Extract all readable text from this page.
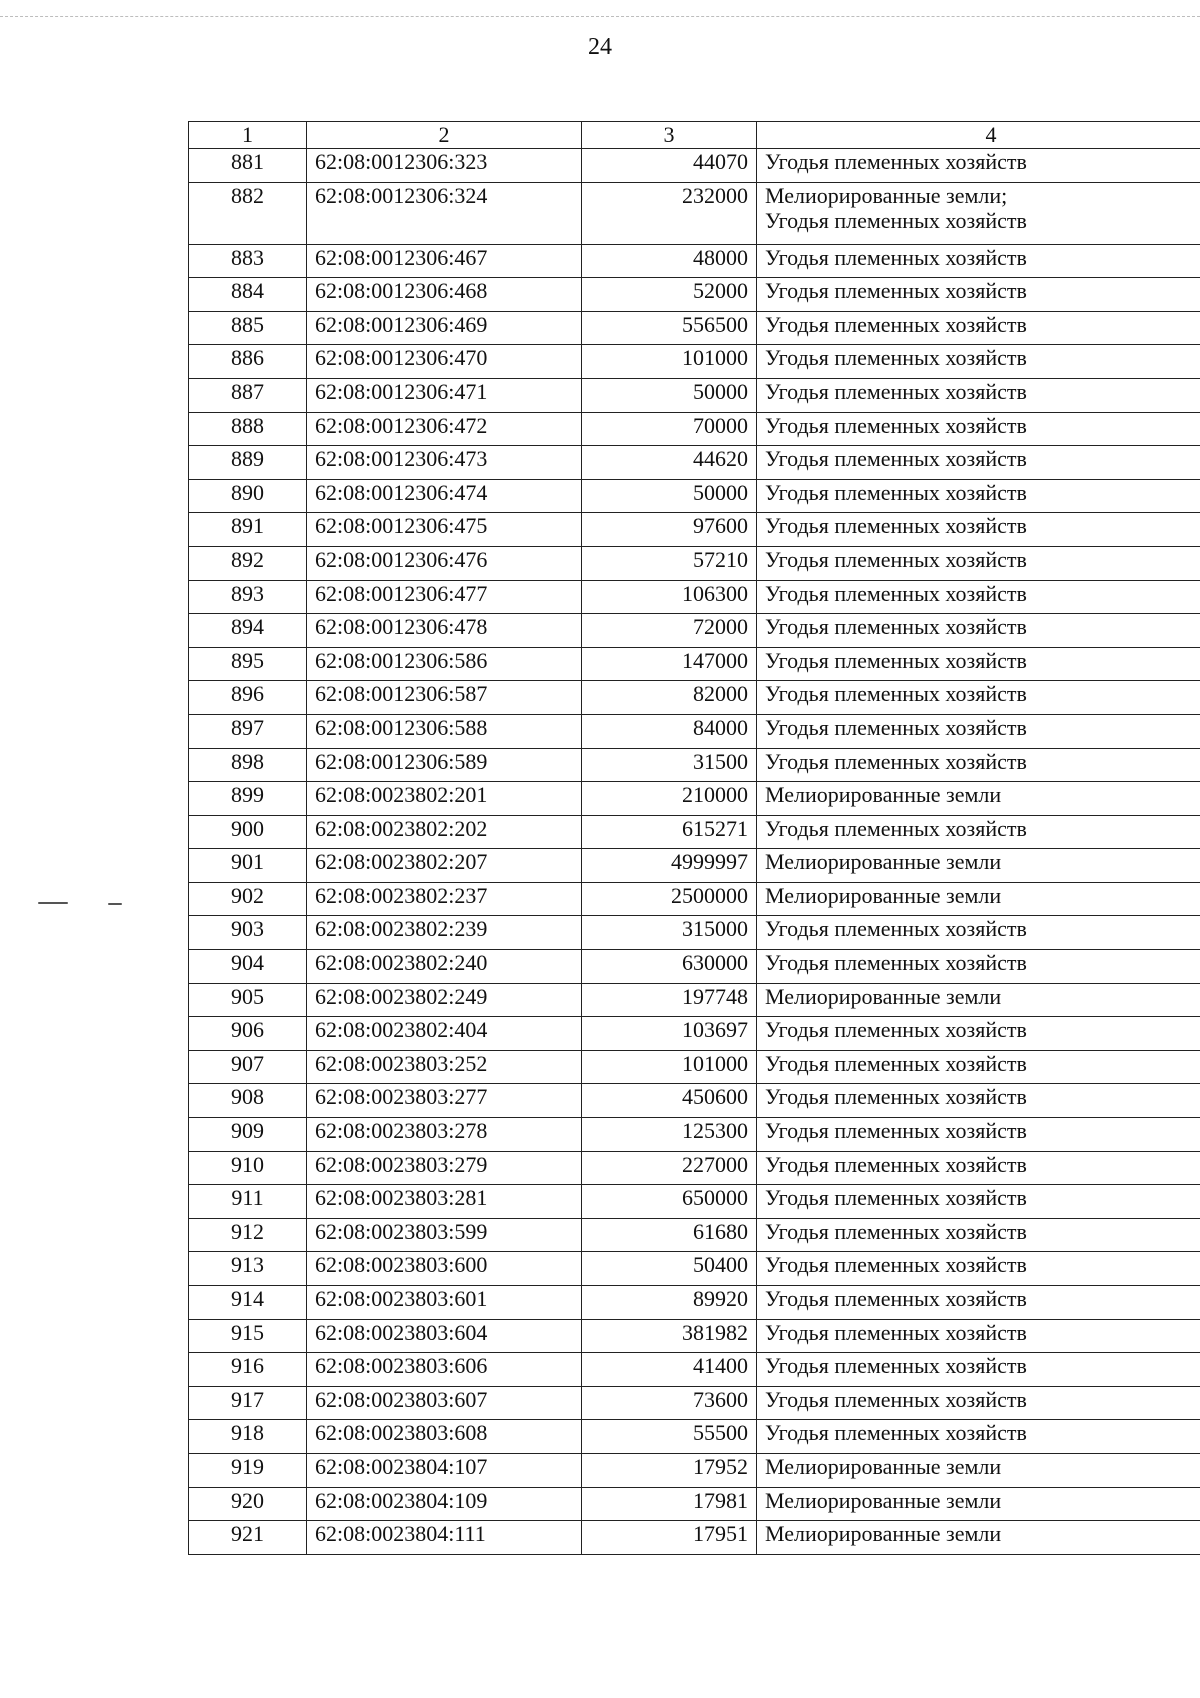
24
1	2	3	4
881	62:08:0012306:323	44070	Угодья племенных хозяйств
882	62:08:0012306:324	232000	Мелиорированные земли;
Угодья племенных хозяйств
883	62:08:0012306:467	48000	Угодья племенных хозяйств
884	62:08:0012306:468	52000	Угодья племенных хозяйств
885	62:08:0012306:469	556500	Угодья племенных хозяйств
886	62:08:0012306:470	101000	Угодья племенных хозяйств
887	62:08:0012306:471	50000	Угодья племенных хозяйств
888	62:08:0012306:472	70000	Угодья племенных хозяйств
889	62:08:0012306:473	44620	Угодья племенных хозяйств
890	62:08:0012306:474	50000	Угодья племенных хозяйств
891	62:08:0012306:475	97600	Угодья племенных хозяйств
892	62:08:0012306:476	57210	Угодья племенных хозяйств
893	62:08:0012306:477	106300	Угодья племенных хозяйств
894	62:08:0012306:478	72000	Угодья племенных хозяйств
895	62:08:0012306:586	147000	Угодья племенных хозяйств
896	62:08:0012306:587	82000	Угодья племенных хозяйств
897	62:08:0012306:588	84000	Угодья племенных хозяйств
898	62:08:0012306:589	31500	Угодья племенных хозяйств
899	62:08:0023802:201	210000	Мелиорированные земли
900	62:08:0023802:202	615271	Угодья племенных хозяйств
901	62:08:0023802:207	4999997	Мелиорированные земли
902	62:08:0023802:237	2500000	Мелиорированные земли
903	62:08:0023802:239	315000	Угодья племенных хозяйств
904	62:08:0023802:240	630000	Угодья племенных хозяйств
905	62:08:0023802:249	197748	Мелиорированные земли
906	62:08:0023802:404	103697	Угодья племенных хозяйств
907	62:08:0023803:252	101000	Угодья племенных хозяйств
908	62:08:0023803:277	450600	Угодья племенных хозяйств
909	62:08:0023803:278	125300	Угодья племенных хозяйств
910	62:08:0023803:279	227000	Угодья племенных хозяйств
911	62:08:0023803:281	650000	Угодья племенных хозяйств
912	62:08:0023803:599	61680	Угодья племенных хозяйств
913	62:08:0023803:600	50400	Угодья племенных хозяйств
914	62:08:0023803:601	89920	Угодья племенных хозяйств
915	62:08:0023803:604	381982	Угодья племенных хозяйств
916	62:08:0023803:606	41400	Угодья племенных хозяйств
917	62:08:0023803:607	73600	Угодья племенных хозяйств
918	62:08:0023803:608	55500	Угодья племенных хозяйств
919	62:08:0023804:107	17952	Мелиорированные земли
920	62:08:0023804:109	17981	Мелиорированные земли
921	62:08:0023804:111	17951	Мелиорированные земли
